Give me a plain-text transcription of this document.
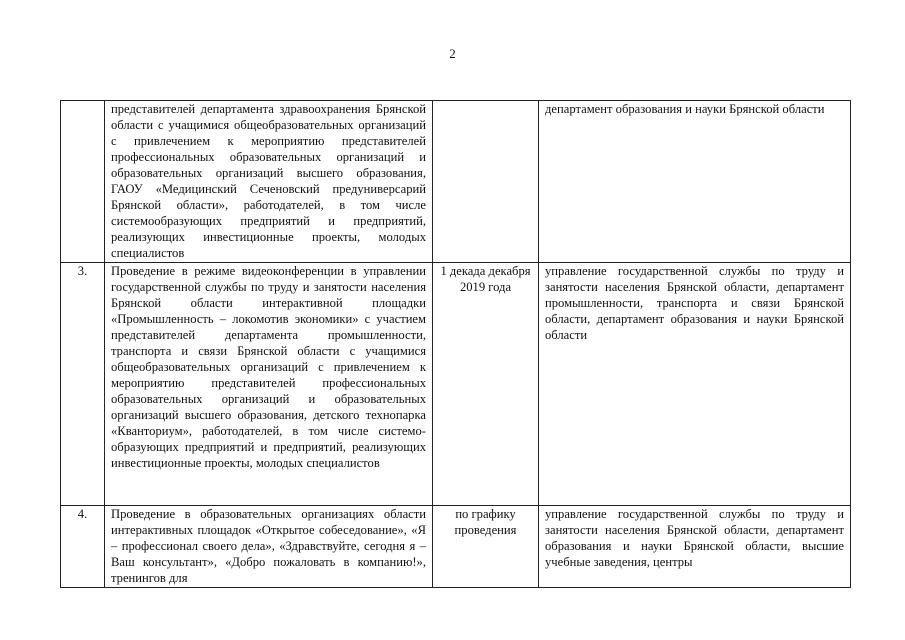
2
	представителей департамента здравоохранения Брянской области с учащимися общеобразовательных организаций с привлечением к мероприятию представителей профессиональных образовательных организаций и образовательных организаций высшего образования, ГАОУ «Медицинский Сеченовский предуниверсарий Брянской области», работодателей, в том числе системообразующих предприятий и предприятий, реализующих инвестиционные проекты, молодых специалистов		департамент образования и науки Брянской области
3.	Проведение в режиме видеоконференции в управлении государственной службы по труду и занятости населения Брянской области интерактивной площадки «Промышленность – локомотив экономики» с участием представителей департамента промышленности, транспорта и связи Брянской области с учащимися общеобразовательных организаций с привлечением к мероприятию представителей профессиональных образовательных организаций и образовательных организаций высшего образования, детского технопарка «Кванториум», работодателей, в том числе системообразующих предприятий и предприятий, реализующих инвестиционные проекты, молодых специалистов	1 декада декабря 2019 года	управление государственной службы по труду и занятости населения Брянской области, департамент промышленности, транспорта и связи Брянской области, департамент образования и науки Брянской области
4.	Проведение в образовательных организациях области интерактивных площадок «Открытое собеседование», «Я – профессионал своего дела», «Здравствуйте, сегодня я – Ваш консультант», «Добро пожаловать в компанию!», тренингов для	по графику проведения	управление государственной службы по труду и занятости населения Брянской области, департамент образования и науки Брянской области, высшие учебные заведения, центры
